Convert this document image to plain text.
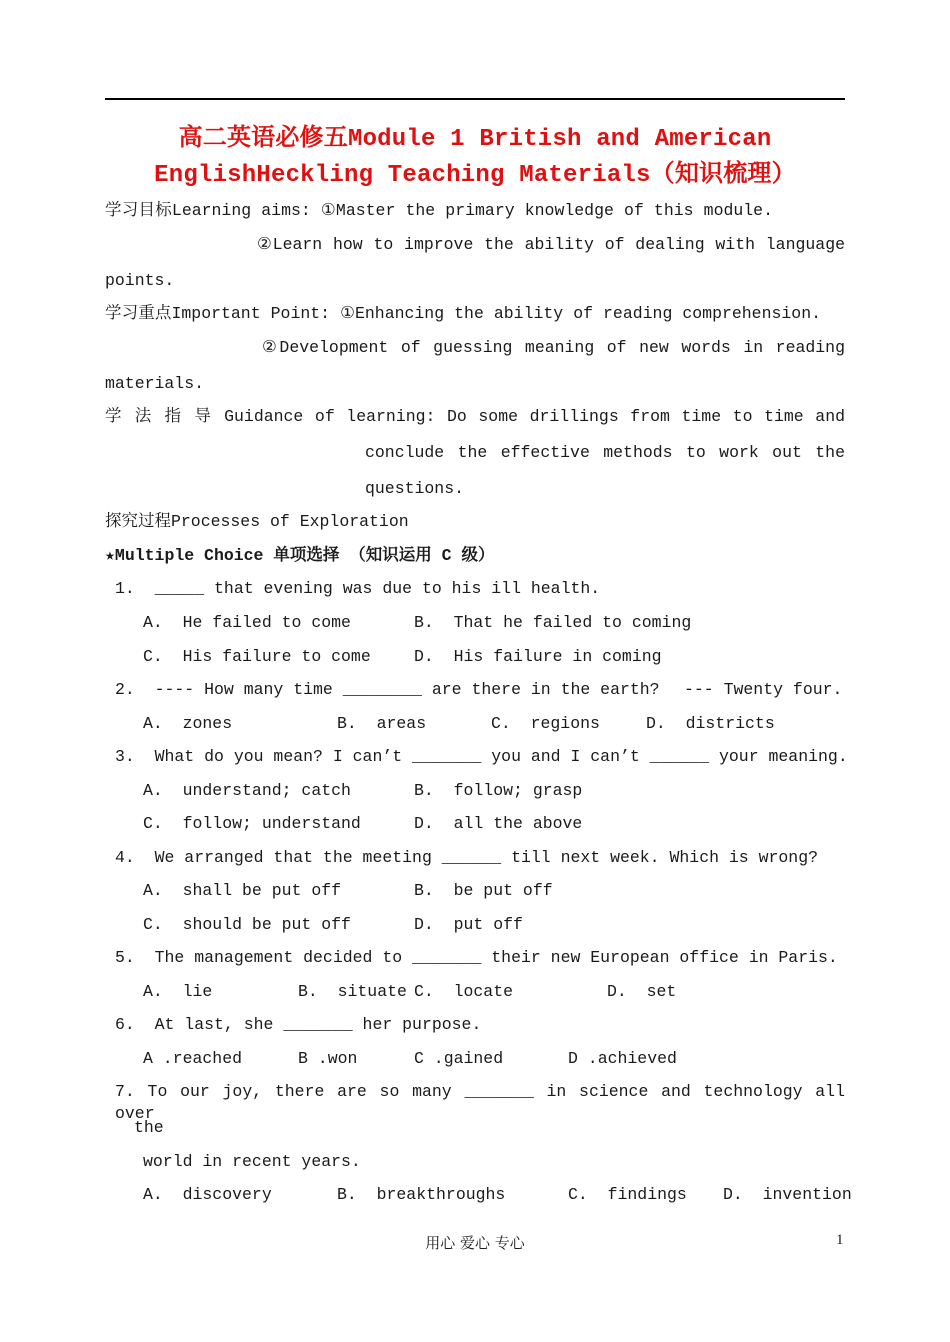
高二英语必修五Module 1 British and American
EnglishHeckling Teaching Materials（知识梳理）
学习目标Learning aims: ①Master the primary knowledge of this module.
②Learn how to improve the ability of dealing with language
points.
学习重点Important Point: ①Enhancing the ability of reading comprehension.
②Development of guessing meaning of new words in reading
materials.
学 法 指 导 Guidance of learning: Do some drillings from time to time and
conclude the effective methods to work out the
questions.
探究过程Processes of Exploration
★Multiple Choice 单项选择 （知识运用 C 级）
1.  _____ that evening was due to his ill health.
A.  He failed to come	B.  That he failed to coming
C.  His failure to come	D.  His failure in coming
2.  ---- How many time ________ are there in the earth? --- Twenty four.
A.  zones	B.  areas	C.  regions	D.  districts
3.  What do you mean? I can’t _______ you and I can’t ______ your meaning.
A.  understand; catch	B.  follow; grasp
C.  follow; understand	D.  all the above
4.  We arranged that the meeting ______ till next week. Which is wrong?
A.  shall be put off	B.  be put off
C.  should be put off	D.  put off
5.  The management decided to _______ their new European office in Paris.
A.  lie	B.  situate C.  locate	D.  set
6.  At last, she _______ her purpose.
A .reached	B .won	C .gained	D .achieved
7. To our joy, there are so many _______ in science and technology all over
the
world in recent years.
A.  discovery	B.  breakthroughs	C.  findings D.  invention
用心 爱心 专心	1
